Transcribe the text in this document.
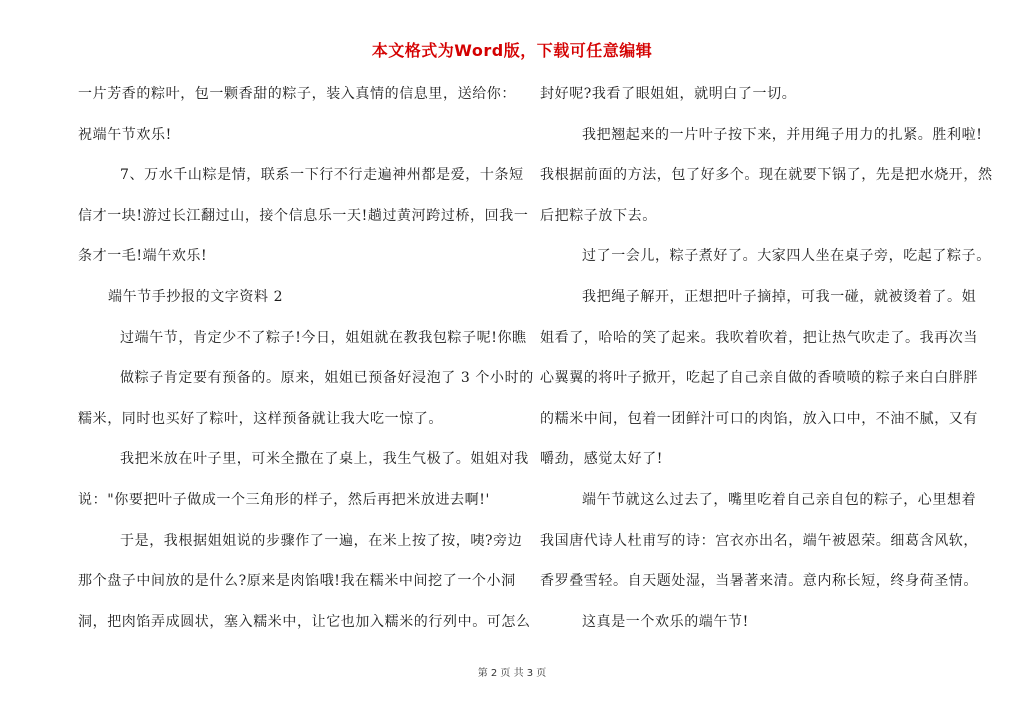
本文格式为Word版，下载可任意编辑
一片芳香的粽叶，包一颗香甜的粽子，装入真情的信息里，送给你：
祝端午节欢乐!
7、万水千山粽是情，联系一下行不行走遍神州都是爱，十条短
信才一块!游过长江翻过山，接个信息乐一天!趟过黄河跨过桥，回我一
条才一毛!端午欢乐!
端午节手抄报的文字资料 2
过端午节，肯定少不了粽子!今日，姐姐就在教我包粽子呢!你瞧
做粽子肯定要有预备的。原来，姐姐已预备好浸泡了 3 个小时的
糯米，同时也买好了粽叶，这样预备就让我大吃一惊了。
我把米放在叶子里，可米全撒在了桌上，我生气极了。姐姐对我
说："你要把叶子做成一个三角形的样子，然后再把米放进去啊!'
于是，我根据姐姐说的步骤作了一遍，在米上按了按，咦?旁边
那个盘子中间放的是什么?原来是肉馅哦!我在糯米中间挖了一个小洞
洞，把肉馅弄成圆状，塞入糯米中，让它也加入糯米的行列中。可怎么
封好呢?我看了眼姐姐，就明白了一切。
我把翘起来的一片叶子按下来，并用绳子用力的扎紧。胜利啦!
我根据前面的方法，包了好多个。现在就要下锅了，先是把水烧开，然
后把粽子放下去。
过了一会儿，粽子煮好了。大家四人坐在桌子旁，吃起了粽子。
我把绳子解开，正想把叶子摘掉，可我一碰，就被烫着了。姐
姐看了，哈哈的笑了起来。我吹着吹着，把让热气吹走了。我再次当
心翼翼的将叶子掀开，吃起了自己亲自做的香喷喷的粽子来白白胖胖
的糯米中间，包着一团鲜汁可口的肉馅，放入口中，不油不腻，又有
嚼劲，感觉太好了!
端午节就这么过去了，嘴里吃着自己亲自包的粽子，心里想着
我国唐代诗人杜甫写的诗：宫衣亦出名，端午被恩荣。细葛含风软，
香罗叠雪轻。自天题处湿，当暑著来清。意内称长短，终身荷圣情。
这真是一个欢乐的端午节!
第 2 页 共 3 页
